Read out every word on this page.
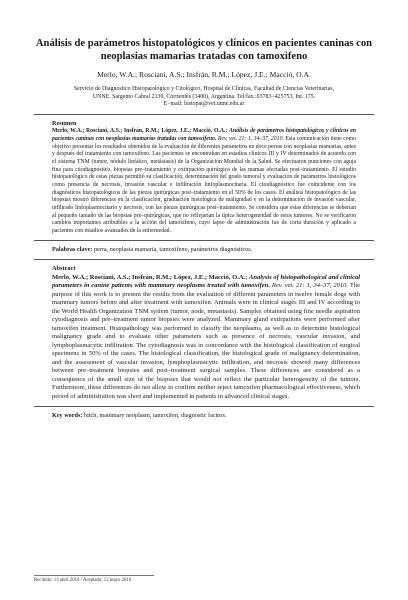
Análisis de parámetros histopatológicos y clínicos en pacientes caninas con neoplasias mamarias tratadas con tamoxifeno

Merlo, W.A.; Rosciani, A.S.; Insfrán, R.M.; López, J.E.; Macció, O.A.

Servicio de Diagnóstico Histopatológico y Citológico, Hospital de Clínicas, Facultad de Ciencias Veterinarias,

UNNE. Sargento Cabral 2139, Corrientes (3400), Argentina. Tel/fax.:03783−425753, Int. 175.

E−mail: histopat@vet.unne.edu.ar

Resumen

Merlo, W.A.; Rosciani, A.S.; Insfrán, R.M.; López, J.E.; Macció, O.A.: Análisis de parámetros histopatológicos y clínicos en pacientes caninas con neoplasias mamarias tratadas con tamoxifeno. Rev. vet. 21: 1, 34–37, 2010. Esta comunicación tiene como objetivo presentar los resultados obtenidos de la evaluación de diferentes parámetros en doce perras con neoplasias mamarias, antes y después del tratamiento con tamoxifeno. Las pacientes se encontraban en estadios clínicos III y IV determinados de acuerdo con el sistema TNM (tumor, nódulo linfático, metástasis) de la Organización Mundial de la Salud. Se efectuaron punciones con aguja fina para citodiagnóstico, biopsias pre–tratamiento y extirpación quirúrgica de las mamas afectadas post–tratamiento. El estudio histopatológico de estas piezas permitió su clasificación, determinación del grado tumoral y evaluación de parámetros histológicos como presencia de necrosis, invasión vascular e infiltración linfoplasmocitaria. El citodiagnóstico fue coincidente con los diagnósticos histopatológicos de las piezas quirúrgicas post–tratamiento en el 50% de los casos. El análisis histopatológico de las biopsias mostró diferencias en la clasificación, graduación histológica de malignidad y en la determinación de invasión vascular, infiltrado linfoplasmocitario y necrosis, con las piezas quirúrgicas post–tratamiento. Se considera que estas diferencias se deberían al pequeño tamaño de las biopsias pre–quirúrgicas, que no reflejarían la típica heterogeneidad de estos tumores. No se verificaron cambios importantes atribuibles a la acción del tamoxifeno, cuyo lapso de administración fue de corta duración y aplicado a pacientes con estadios avanzados de la enfermedad.

Palabras clave: perra, neoplasia mamaria, tamoxifeno, parámetros diagnósticos.

Abstract

Merlo, W.A.; Rosciani, A.S.; Insfrán, R.M.; López, J.E.; Macció, O.A.: Analysis of histopathological and clinical parameters in canine patients with mammary neoplasms treated with tamoxifen. Rev. vet. 21: 1, 34–37, 2010. The purpose of this work is to present the results from the evaluation of different parameters in twelve female dogs with mammary tumors before and after treatment with tamoxifen. Animals were in clinical stages III and IV according to the World Health Organization TNM system (tumor, node, metastasis). Samples obtained using fine needle aspiration cytodiagnosis and pre–treatment tumor biopsies were analyzed. Mammary gland extirpations were performed after tamoxifen treatment. Histopathology was performed to classify the neoplasms, as well as to determine histological malignancy grade and to evaluate other parameters such as presence of necrosis, vascular invasion, and lymphoplasmacytic infiltration. The cytodiagnosis was in concordance with the histological classification of surgical specimens in 50% of the cases. The histological classification, the histological grade of malignancy determination, and the assessment of vascular invasion, lymphoplasmacytic infiltration, and necrosis showed many differences between pre–treatment biopsies and post–treatment surgical samples. These differences are considered as a consequence of the small size of the biopsies that would not reflect the particular heterogeneity of the tumors. Furthermore, these differences do not allow to confirm neither reject tamoxifen pharmacological effectiveness, which period of administration was short and implemented in patients in advanced clinical stages.

Key words: bitch, mammary neoplasm, tamoxifen, diagnostic factors.

Recibido: 13 abril 2010 / Aceptado: 12 mayo 2010
